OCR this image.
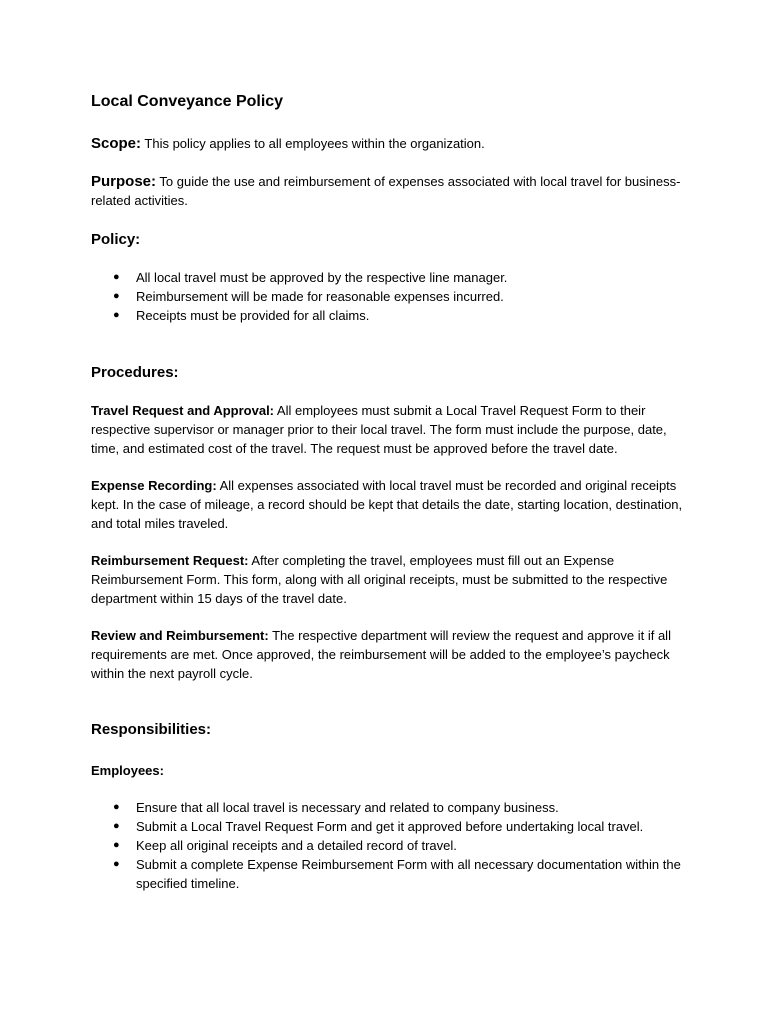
Local Conveyance Policy

Scope: This policy applies to all employees within the organization.

Purpose: To guide the use and reimbursement of expenses associated with local travel for business-related activities.

Policy:
● All local travel must be approved by the respective line manager.
● Reimbursement will be made for reasonable expenses incurred.
● Receipts must be provided for all claims.
Procedures:

Travel Request and Approval: All employees must submit a Local Travel Request Form to their respective supervisor or manager prior to their local travel. The form must include the purpose, date, time, and estimated cost of the travel. The request must be approved before the travel date.

Expense Recording: All expenses associated with local travel must be recorded and original receipts kept. In the case of mileage, a record should be kept that details the date, starting location, destination, and total miles traveled.

Reimbursement Request: After completing the travel, employees must fill out an Expense Reimbursement Form. This form, along with all original receipts, must be submitted to the respective department within 15 days of the travel date.

Review and Reimbursement: The respective department will review the request and approve it if all requirements are met. Once approved, the reimbursement will be added to the employee’s paycheck within the next payroll cycle.

Responsibilities:
Employees:
● Ensure that all local travel is necessary and related to company business.
● Submit a Local Travel Request Form and get it approved before undertaking local travel.
● Keep all original receipts and a detailed record of travel.
● Submit a complete Expense Reimbursement Form with all necessary documentation within the specified timeline.
